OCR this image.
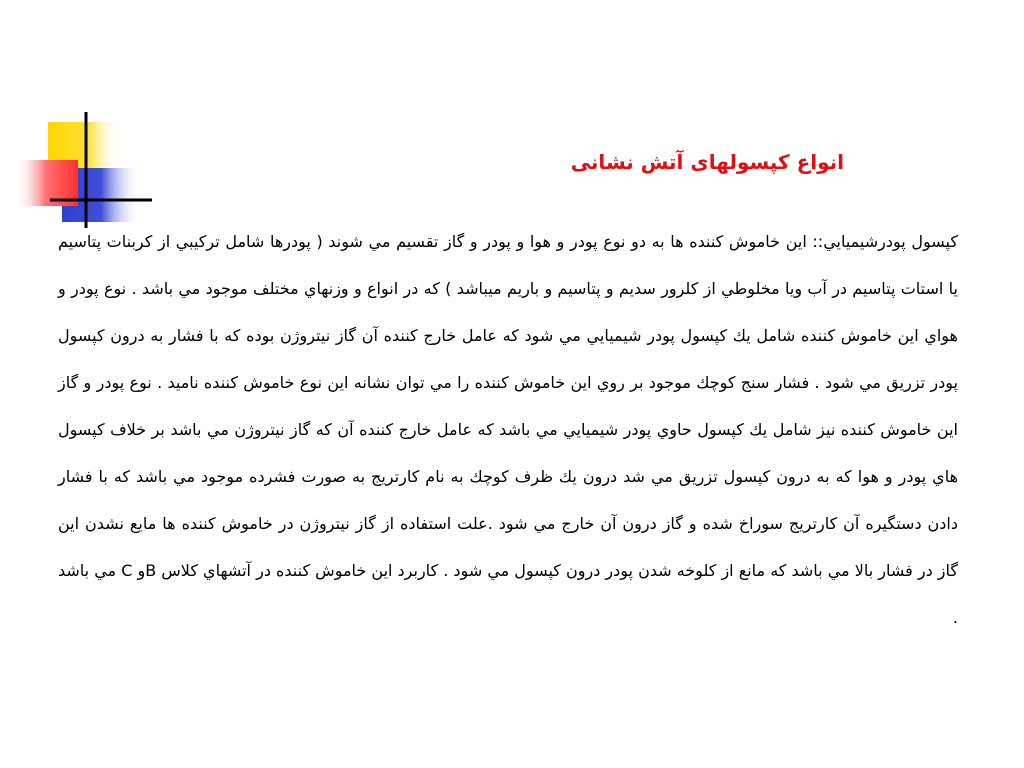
انواع کپسولهای آتش نشانی

کپسول پودرشیمیایي:: این خاموش کننده ها به دو نوع پودر و هوا و پودر و گاز تقسیم مي شوند ( پودرها شامل ترکیبي از کربنات پتاسیم یا استات پتاسیم در آب ویا مخلوطي از کلرور سدیم و پتاسیم و باریم میباشد ) که در انواع و وزنهاي مختلف موجود مي باشد . نوع پودر و هواي این خاموش کننده شامل يك کپسول پودر شیمیایي مي شود که عامل خارج کننده آن گاز نیتروژن بوده که با فشار به درون کپسول پودر تزريق مي شود . فشار سنج کوچك موجود بر روي این خاموش کننده را مي توان نشانه این نوع خاموش کننده نامید . نوع پودر و گاز این خاموش کننده نیز شامل يك کپسول حاوي پودر شیمیایي مي باشد که عامل خارج کننده آن که گاز نیتروژن مي باشد بر خلاف کپسول هاي پودر و هوا که به درون کپسول تزريق مي شد درون يك ظرف کوچك به نام کارتريج به صورت فشرده موجود مي باشد که با فشار دادن دستگیره آن کارتريج سوراخ شده و گاز درون آن خارج مي شود .علت استفاده از گاز نیتروژن در خاموش کننده ها مايع نشدن این گاز در فشار بالا مي باشد که مانع از کلوخه شدن پودر درون کپسول مي شود . کاربرد این خاموش کننده در آتشهاي کلاس Bو C مي باشد .
